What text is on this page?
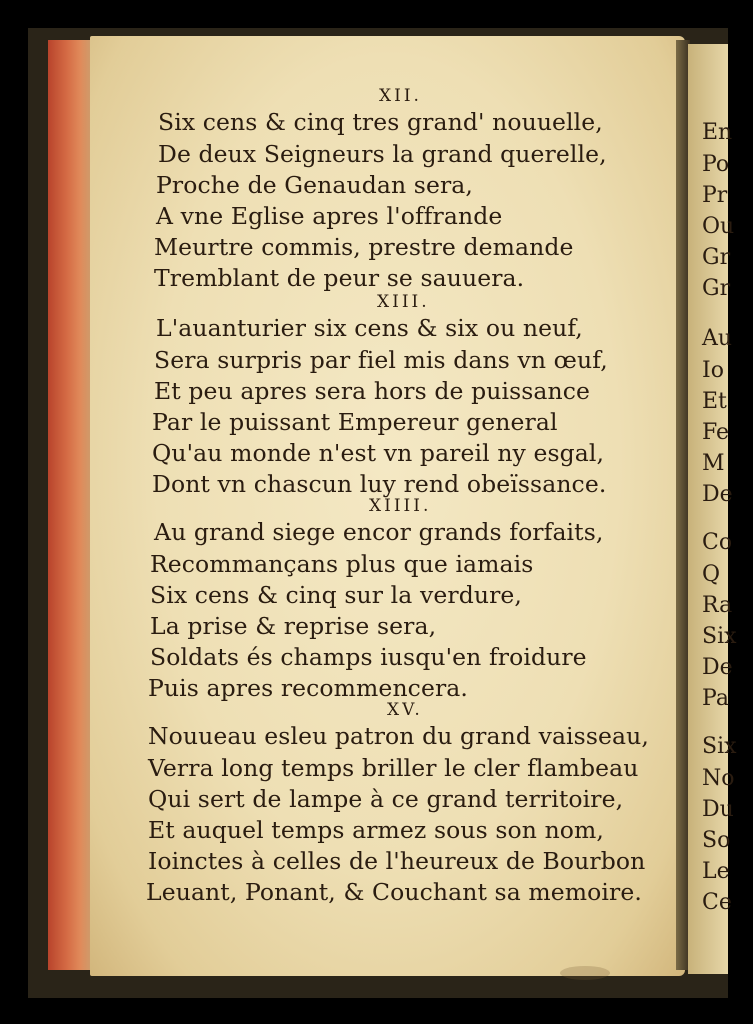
XII.
Six cens & cinq tres grand' nouuelle,
De deux Seigneurs la grand querelle,
Proche de Genaudan sera,
A vne Eglise apres l'offrande
Meurtre commis, prestre demande
Tremblant de peur se sauuera.
XIII.
L'auanturier six cens & six ou neuf,
Sera surpris par fiel mis dans vn œuf,
Et peu apres sera hors de puissance
Par le puissant Empereur general
Qu'au monde n'est vn pareil ny esgal,
Dont vn chascun luy rend obeïssance.
XIIII.
Au grand siege encor grands forfaits,
Recommançans plus que iamais
Six cens & cinq sur la verdure,
La prise & reprise sera,
Soldats és champs iusqu'en froidure
Puis apres recommencera.
XV.
Nouueau esleu patron du grand vaisseau,
Verra long temps briller le cler flambeau
Qui sert de lampe à ce grand territoire,
Et auquel temps armez sous son nom,
Ioinctes à celles de l'heureux de Bourbon
Leuant, Ponant, & Couchant sa memoire.
En
Po
Pr
Ou
Gr
Gr
Au
Io
Et
Fe
M
De
Co
Q
Ra
Six
De
Pa
Six
No
Du
So
Le
Ce
